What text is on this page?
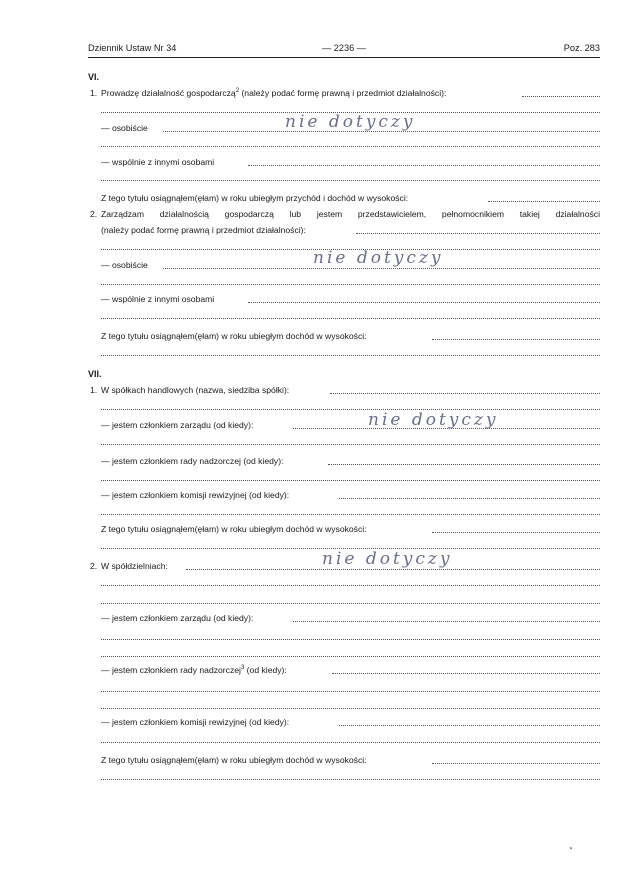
Dziennik Ustaw Nr 34	— 2236 —	Poz. 283
VI.
1. Prowadzę działalność gospodarczą$^2$ (należy podać formę prawną i przedmiot działalności):
— osobiście	nie dotyczy
— wspólnie z innymi osobami
Z tego tytułu osiągnąłem(ęłam) w roku ubiegłym przychód i dochód w wysokości:
2. Zarządzam działalnością gospodarczą lub jestem przedstawicielem, pełnomocnikiem takiej działalności
(należy podać formę prawną i przedmiot działalności):
— osobiście	nie dotyczy
— wspólnie z innymi osobami
Z tego tytułu osiągnąłem(ęłam) w roku ubiegłym dochód w wysokości:
VII.
1. W spółkach handlowych (nazwa, siedziba spółki):
— jestem członkiem zarządu (od kiedy):	nie dotyczy
— jestem członkiem rady nadzorczej (od kiedy):
— jestem członkiem komisji rewizyjnej (od kiedy):
Z tego tytułu osiągnąłem(ęłam) w roku ubiegłym dochód w wysokości:
2. W spółdzielniach:	nie dotyczy
— jestem członkiem zarządu (od kiedy):
— jestem członkiem rady nadzorczej$^3$ (od kiedy):
— jestem członkiem komisji rewizyjnej (od kiedy):
Z tego tytułu osiągnąłem(ęłam) w roku ubiegłym dochód w wysokości:
⋆
